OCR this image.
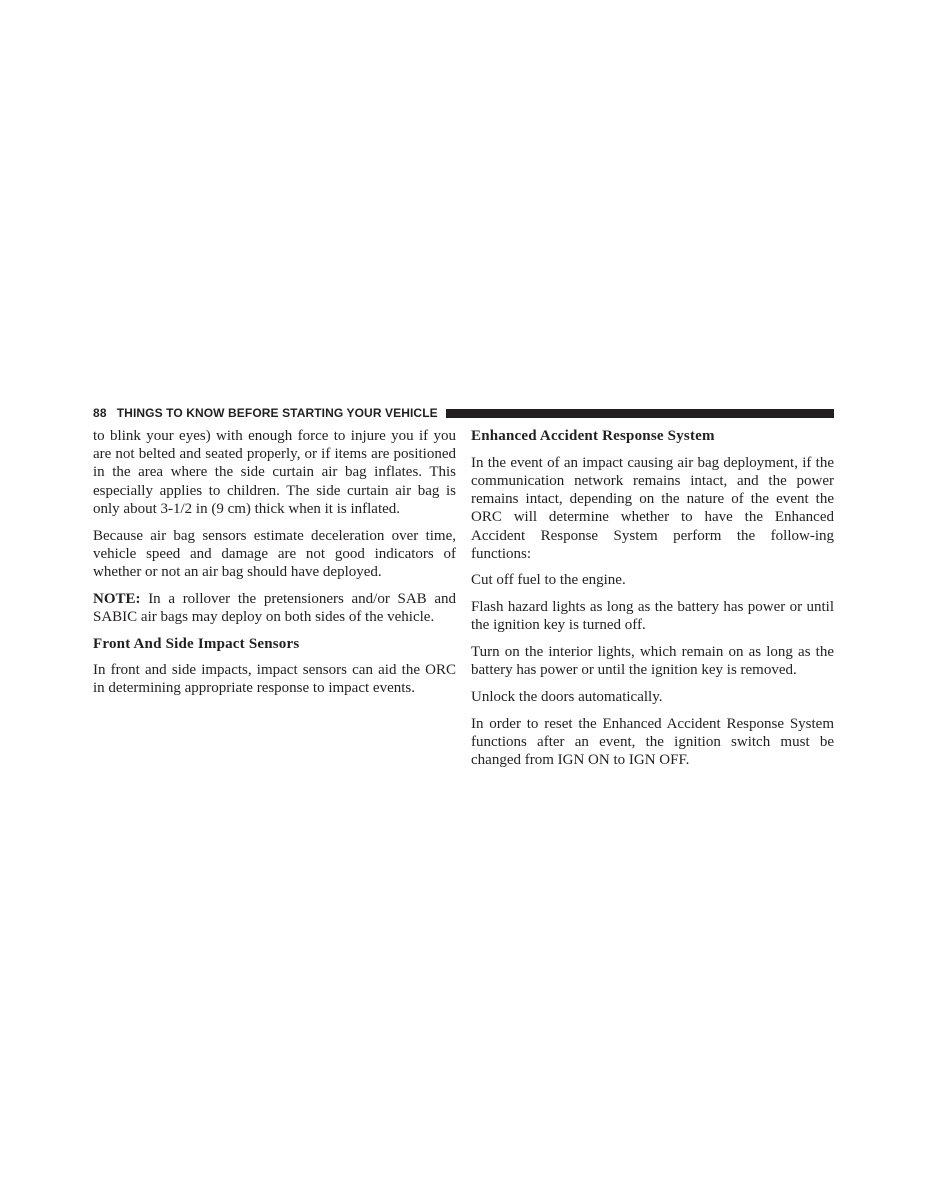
88 THINGS TO KNOW BEFORE STARTING YOUR VEHICLE

to blink your eyes) with enough force to injure you if you are not belted and seated properly, or if items are positioned in the area where the side curtain air bag inflates. This especially applies to children. The side curtain air bag is only about 3-1/2 in (9 cm) thick when it is inflated.

Because air bag sensors estimate deceleration over time, vehicle speed and damage are not good indicators of whether or not an air bag should have deployed.

NOTE: In a rollover the pretensioners and/or SAB and SABIC air bags may deploy on both sides of the vehicle.

Front And Side Impact Sensors

In front and side impacts, impact sensors can aid the ORC in determining appropriate response to impact events.

Enhanced Accident Response System

In the event of an impact causing air bag deployment, if the communication network remains intact, and the power remains intact, depending on the nature of the event the ORC will determine whether to have the Enhanced Accident Response System perform the follow-ing functions:

Cut off fuel to the engine.

Flash hazard lights as long as the battery has power or until the ignition key is turned off.

Turn on the interior lights, which remain on as long as the battery has power or until the ignition key is removed.

Unlock the doors automatically.

In order to reset the Enhanced Accident Response System functions after an event, the ignition switch must be changed from IGN ON to IGN OFF.
